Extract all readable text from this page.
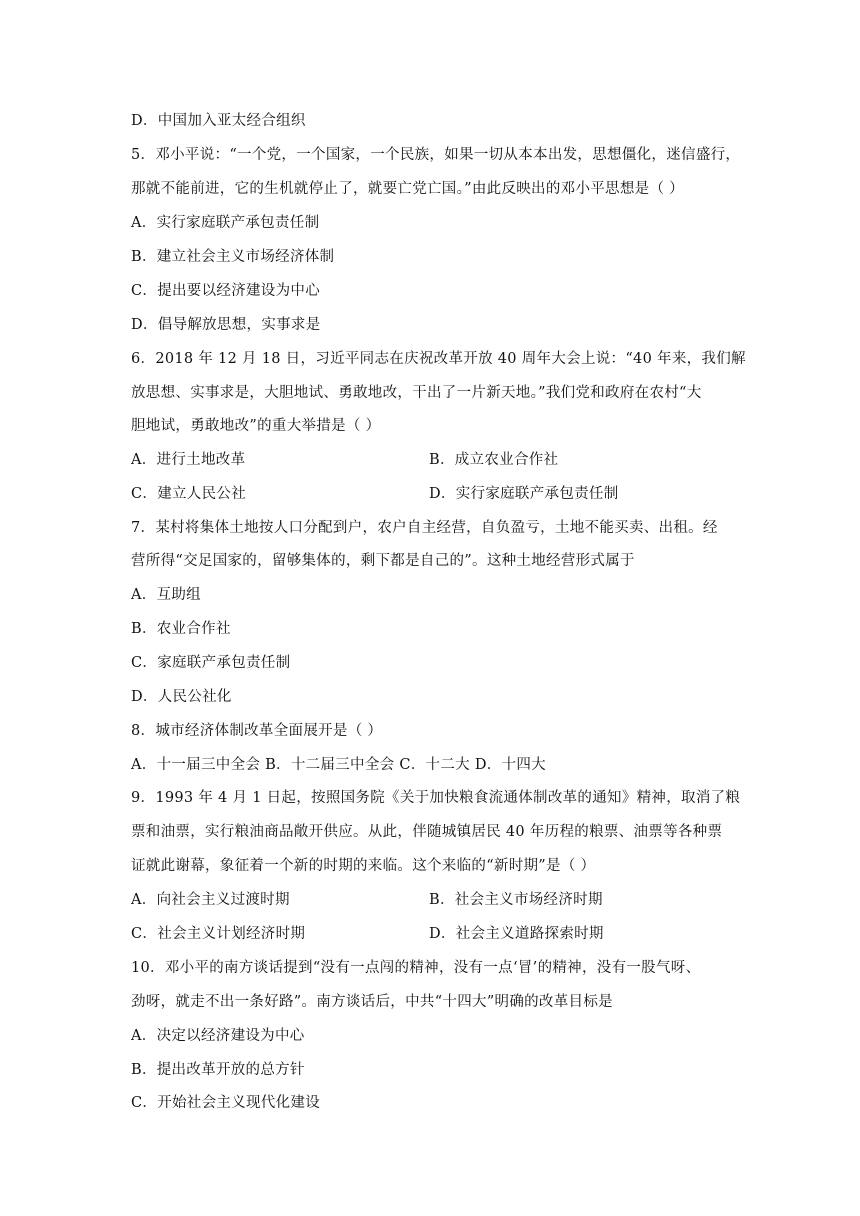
D．中国加入亚太经合组织
5．邓小平说：“一个党，一个国家，一个民族，如果一切从本本出发，思想僵化，迷信盛行，
那就不能前进，它的生机就停止了，就要亡党亡国。”由此反映出的邓小平思想是（ ）
A．实行家庭联产承包责任制
B．建立社会主义市场经济体制
C．提出要以经济建设为中心
D．倡导解放思想，实事求是
6．2018 年 12 月 18 日，习近平同志在庆祝改革开放 40 周年大会上说：“40 年来，我们解
放思想、实事求是，大胆地试、勇敢地改，干出了一片新天地。”我们党和政府在农村“大
胆地试，勇敢地改”的重大举措是（ ）
A．进行土地改革	B．成立农业合作社
C．建立人民公社	D．实行家庭联产承包责任制
7．某村将集体土地按人口分配到户，农户自主经营，自负盈亏，土地不能买卖、出租。经
营所得“交足国家的，留够集体的，剩下都是自己的”。这种土地经营形式属于
A．互助组
B．农业合作社
C．家庭联产承包责任制
D．人民公社化
8．城市经济体制改革全面展开是（ ）
A．十一届三中全会 B．十二届三中全会 C．十二大 D．十四大
9．1993 年 4 月 1 日起，按照国务院《关于加快粮食流通体制改革的通知》精神，取消了粮
票和油票，实行粮油商品敞开供应。从此，伴随城镇居民 40 年历程的粮票、油票等各种票
证就此谢幕，象征着一个新的时期的来临。这个来临的“新时期”是（ ）
A．向社会主义过渡时期	B．社会主义市场经济时期
C．社会主义计划经济时期	D．社会主义道路探索时期
10．邓小平的南方谈话提到“没有一点闯的精神，没有一点‘冒’的精神，没有一股气呀、
劲呀，就走不出一条好路”。南方谈话后，中共“十四大”明确的改革目标是
A．决定以经济建设为中心
B．提出改革开放的总方针
C．开始社会主义现代化建设
